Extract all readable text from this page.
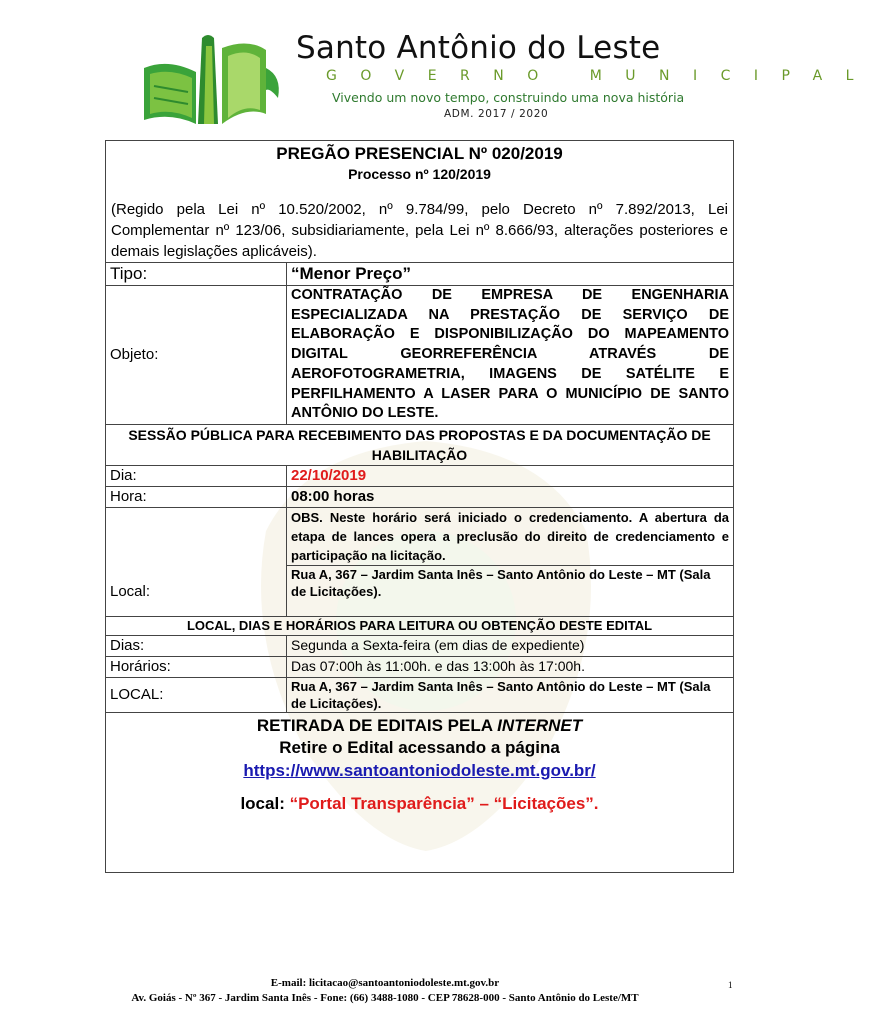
Santo Antônio do Leste
GOVERNO MUNICIPAL
Vivendo um novo tempo, construindo uma nova história
ADM. 2017 / 2020
PREGÃO PRESENCIAL Nº 020/2019
Processo nº 120/2019
(Regido pela Lei nº 10.520/2002, nº 9.784/99, pelo Decreto nº 7.892/2013, Lei Complementar nº 123/06, subsidiariamente, pela Lei nº 8.666/93, alterações posteriores e demais legislações aplicáveis).
Tipo:	“Menor Preço”
Objeto:	CONTRATAÇÃO DE EMPRESA DE ENGENHARIA ESPECIALIZADA NA PRESTAÇÃO DE SERVIÇO DE ELABORAÇÃO E DISPONIBILIZAÇÃO DO MAPEAMENTO DIGITAL GEORREFERÊNCIA ATRAVÉS DE AEROFOTOGRAMETRIA, IMAGENS DE SATÉLITE E PERFILHAMENTO A LASER PARA O MUNICÍPIO DE SANTO ANTÔNIO DO LESTE.
SESSÃO PÚBLICA PARA RECEBIMENTO DAS PROPOSTAS E DA DOCUMENTAÇÃO DE HABILITAÇÃO	
Dia:	22/10/2019
Hora:	08:00 horas
Local:	OBS. Neste horário será iniciado o credenciamento. A abertura da etapa de lances opera a preclusão do direito de credenciamento e participação na licitação.
	Rua A, 367 – Jardim Santa Inês – Santo Antônio do Leste – MT (Sala de Licitações).
LOCAL, DIAS E HORÁRIOS PARA LEITURA OU OBTENÇÃO DESTE EDITAL	
Dias:	Segunda a Sexta-feira (em dias de expediente)
Horários:	Das 07:00h às 11:00h. e das 13:00h às 17:00h.
LOCAL:	Rua A, 367 – Jardim Santa Inês – Santo Antônio do Leste – MT (Sala de Licitações).
RETIRADA DE EDITAIS PELA INTERNET
Retire o Edital acessando a página
https://www.santoantoniodoleste.mt.gov.br/
local: “Portal Transparência” – “Licitações”.
1
E-mail: licitacao@santoantoniodoleste.mt.gov.br
Av. Goiás - Nº 367 - Jardim Santa Inês - Fone: (66) 3488-1080 - CEP 78628-000 - Santo Antônio do Leste/MT
